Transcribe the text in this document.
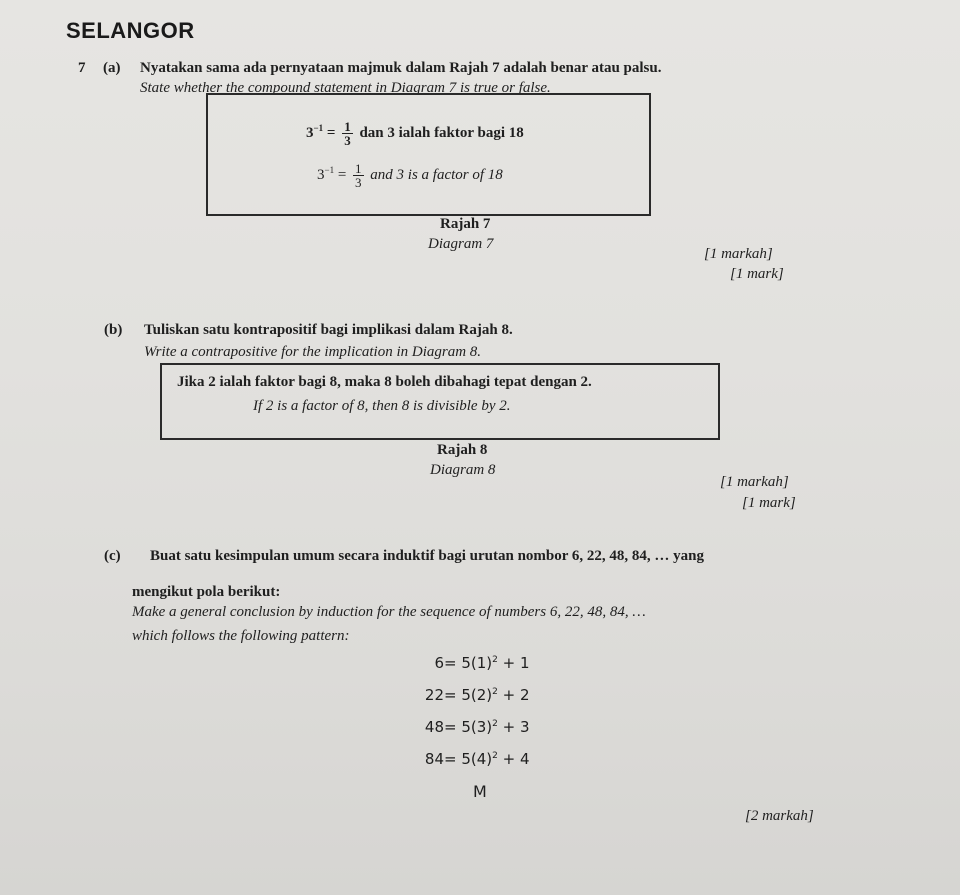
SELANGOR
7 (a) Nyatakan sama ada pernyataan majmuk dalam Rajah 7 adalah benar atau palsu.
State whether the compound statement in Diagram 7 is true or false.
$3^{-1} = \frac{1}{3}$ dan 3 ialah faktor bagi 18
$3^{-1} = \frac{1}{3}$ and 3 is a factor of 18
Rajah 7
Diagram 7
[1 markah]
[1 mark]
(b) Tuliskan satu kontrapositif bagi implikasi dalam Rajah 8.
Write a contrapositive for the implication in Diagram 8.
Jika 2 ialah faktor bagi 8, maka 8 boleh dibahagi tepat dengan 2.
If 2 is a factor of 8, then 8 is divisible by 2.
Rajah 8
Diagram 8
[1 markah]
[1 mark]
(c) Buat satu kesimpulan umum secara induktif bagi urutan nombor 6, 22, 48, 84, … yang
mengikut pola berikut:
Make a general conclusion by induction for the sequence of numbers 6, 22, 48, 84, …
which follows the following pattern:
$6= 5(1)^2 + 1$
$22= 5(2)^2 + 2$
$48= 5(3)^2 + 3$
$84= 5(4)^2 + 4$
M
[2 markah]
